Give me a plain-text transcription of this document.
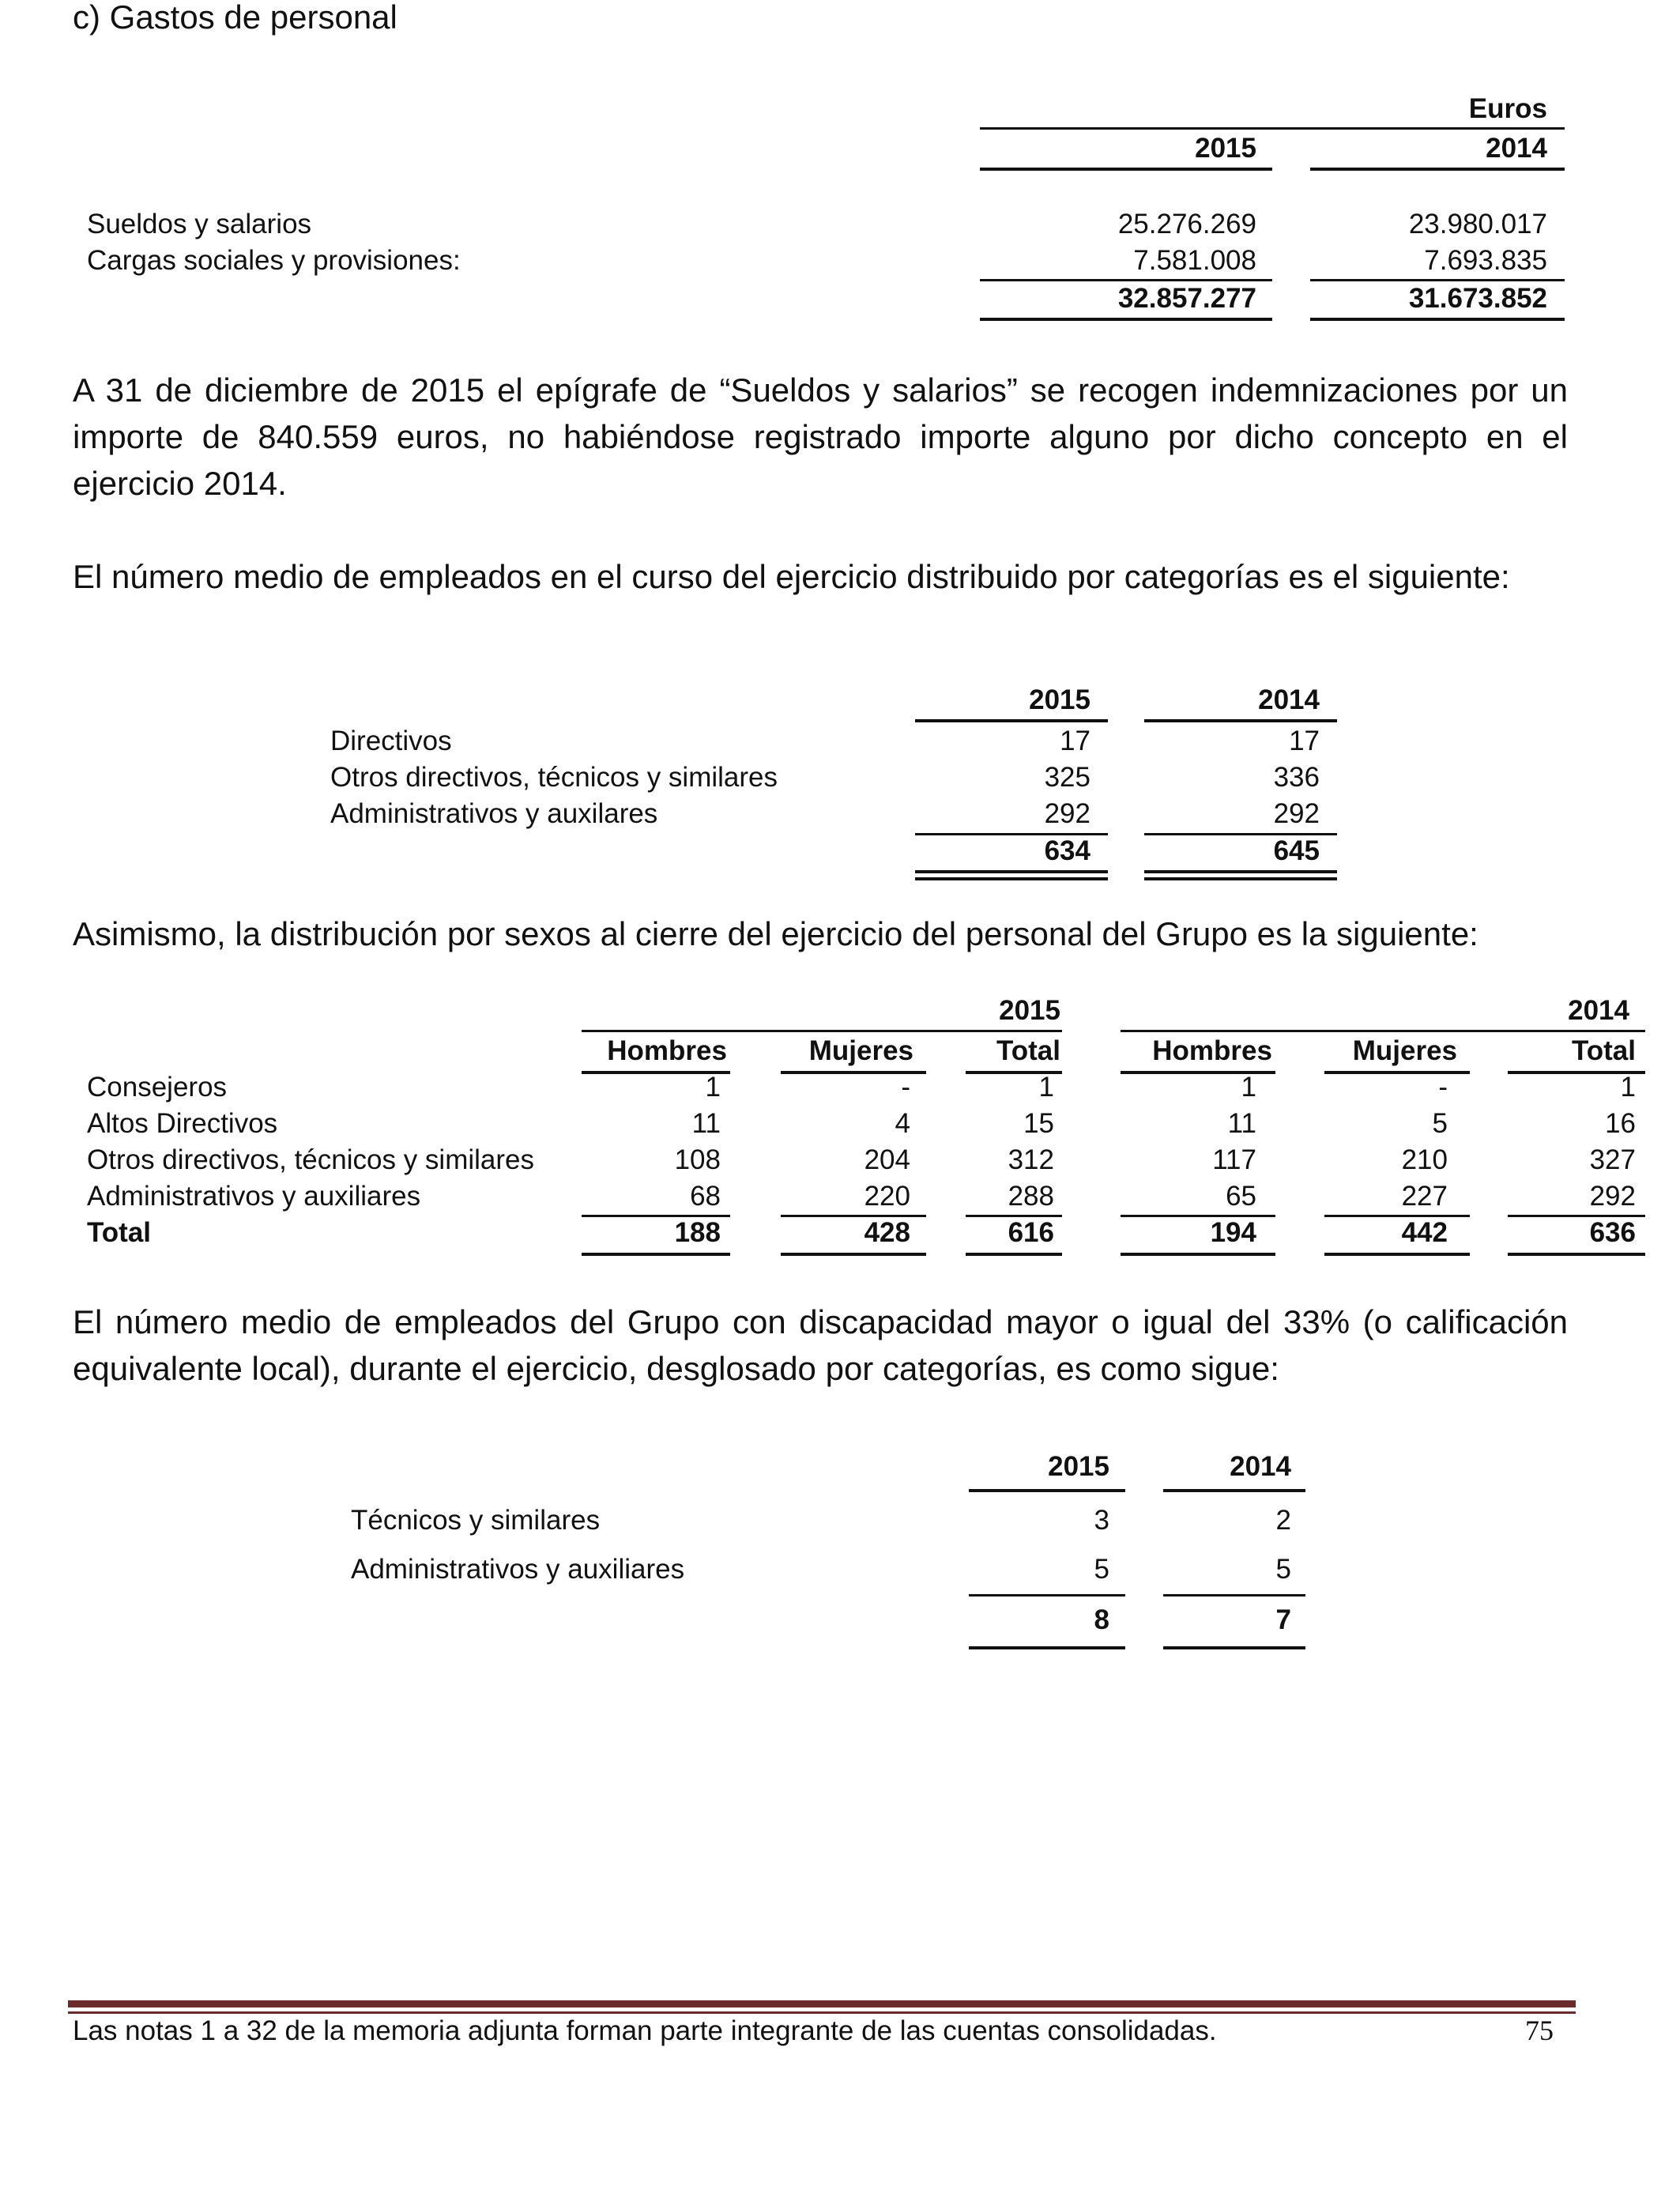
c) Gastos de personal
Euros
2015	2014
Sueldos y salarios	25.276.269	23.980.017
Cargas sociales y provisiones:	7.581.008	7.693.835
32.857.277	31.673.852
A 31 de diciembre de 2015 el epígrafe de “Sueldos y salarios” se recogen indemnizaciones por un importe de 840.559 euros, no habiéndose registrado importe alguno por dicho concepto en el ejercicio 2014.
El número medio de empleados en el curso del ejercicio distribuido por categorías es el siguiente:
2015	2014
Directivos	17	17
Otros directivos, técnicos y similares	325	336
Administrativos y auxilares	292	292
634	645
Asimismo, la distribución por sexos al cierre del ejercicio del personal del Grupo es la siguiente:
2015	2014
Hombres	Mujeres	Total	Hombres	Mujeres	Total
Consejeros	1	-	1	1	-	1
Altos Directivos	11	4	15	11	5	16
Otros directivos, técnicos y similares	108	204	312	117	210	327
Administrativos y auxiliares	68	220	288	65	227	292
Total	188	428	616	194	442	636
El número medio de empleados del Grupo con discapacidad mayor o igual del 33% (o calificación equivalente local), durante el ejercicio, desglosado por categorías, es como sigue:
2015	2014
Técnicos y similares	3	2
Administrativos y auxiliares	5	5
8	7
Las notas 1 a 32 de la memoria adjunta forman parte integrante de las cuentas consolidadas.	75
